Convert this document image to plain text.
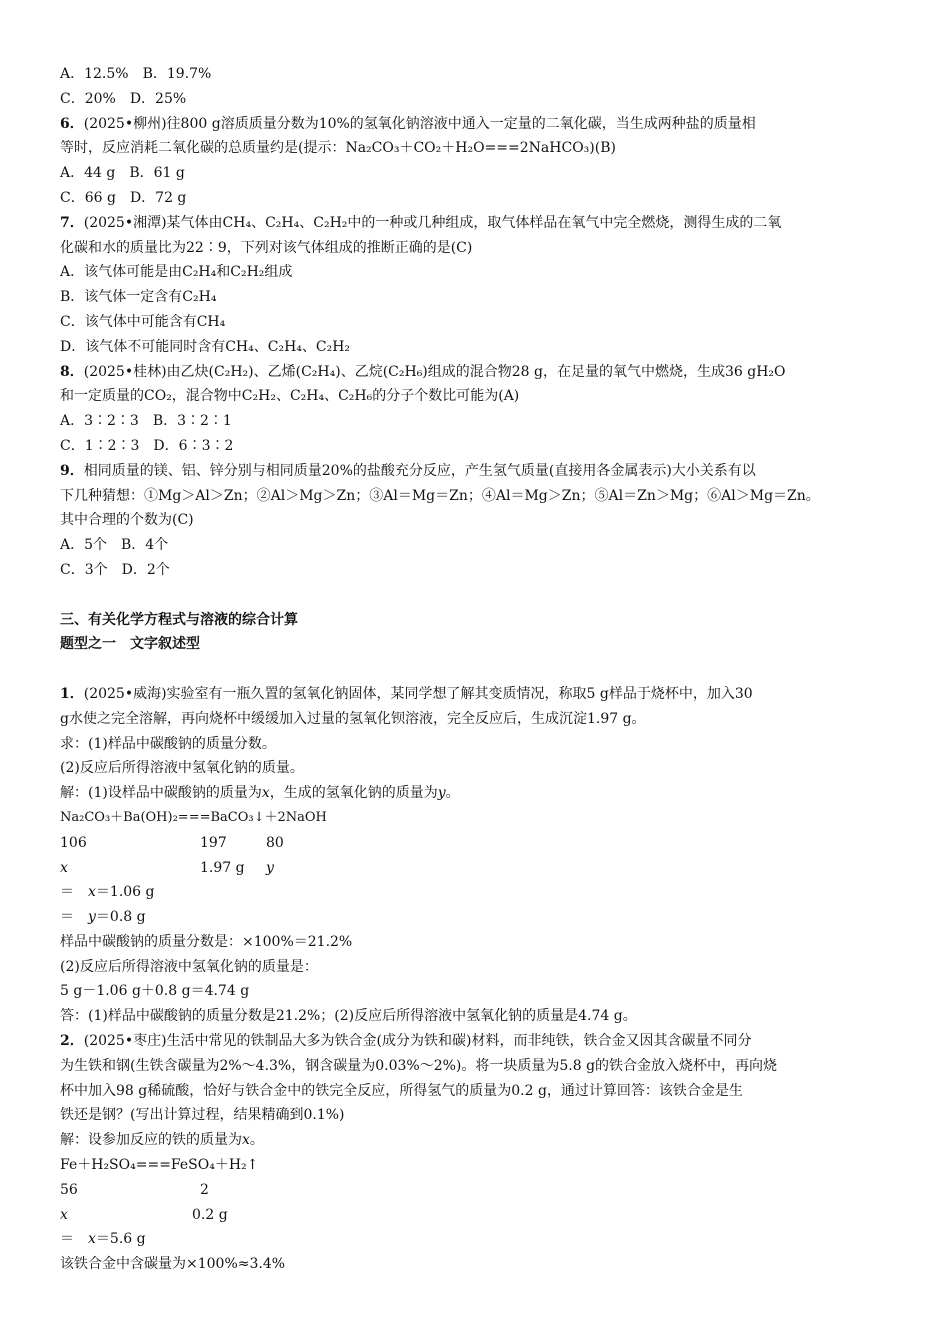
A．12.5%　B．19.7%
C．20%　D．25%
6．(2025•柳州)往800 g溶质质量分数为10%的氢氧化钠溶液中通入一定量的二氧化碳，当生成两种盐的质量相
等时，反应消耗二氧化碳的总质量约是(提示：Na₂CO₃＋CO₂＋H₂O===2NaHCO₃)(B)
A．44 g　B．61 g
C．66 g　D．72 g
7．(2025•湘潭)某气体由CH₄、C₂H₄、C₂H₂中的一种或几种组成，取气体样品在氧气中完全燃烧，测得生成的二氧
化碳和水的质量比为22∶9，下列对该气体组成的推断正确的是(C)
A．该气体可能是由C₂H₄和C₂H₂组成
B．该气体一定含有C₂H₄
C．该气体中可能含有CH₄
D．该气体不可能同时含有CH₄、C₂H₄、C₂H₂
8．(2025•桂林)由乙炔(C₂H₂)、乙烯(C₂H₄)、乙烷(C₂H₆)组成的混合物28 g，在足量的氧气中燃烧，生成36 gH₂O
和一定质量的CO₂，混合物中C₂H₂、C₂H₄、C₂H₆的分子个数比可能为(A)
A．3∶2∶3　B．3∶2∶1
C．1∶2∶3　D．6∶3∶2
9．相同质量的镁、铝、锌分别与相同质量20%的盐酸充分反应，产生氢气质量(直接用各金属表示)大小关系有以
下几种猜想：①Mg＞Al＞Zn；②Al＞Mg＞Zn；③Al＝Mg＝Zn；④Al＝Mg＞Zn；⑤Al＝Zn＞Mg；⑥Al＞Mg＝Zn。
其中合理的个数为(C)
A．5个　B．4个
C．3个　D．2个
三、有关化学方程式与溶液的综合计算
题型之一　文字叙述型

1．(2025•威海)实验室有一瓶久置的氢氧化钠固体，某同学想了解其变质情况，称取5 g样品于烧杯中，加入30
g水使之完全溶解，再向烧杯中缓缓加入过量的氢氧化钡溶液，完全反应后，生成沉淀1.97 g。
求：(1)样品中碳酸钠的质量分数。
(2)反应后所得溶液中氢氧化钠的质量。
解：(1)设样品中碳酸钠的质量为x，生成的氢氧化钠的质量为y。
Na₂CO₃＋Ba(OH)₂===BaCO₃↓＋2NaOH
106	197	80
x	1.97 g	y
＝　x＝1.06 g
＝　y＝0.8 g
样品中碳酸钠的质量分数是：×100%＝21.2%
(2)反应后所得溶液中氢氧化钠的质量是：
5 g－1.06 g＋0.8 g＝4.74 g
答：(1)样品中碳酸钠的质量分数是21.2%；(2)反应后所得溶液中氢氧化钠的质量是4.74 g。
2．(2025•枣庄)生活中常见的铁制品大多为铁合金(成分为铁和碳)材料，而非纯铁，铁合金又因其含碳量不同分
为生铁和钢(生铁含碳量为2%～4.3%，钢含碳量为0.03%～2%)。将一块质量为5.8 g的铁合金放入烧杯中，再向烧
杯中加入98 g稀硫酸，恰好与铁合金中的铁完全反应，所得氢气的质量为0.2 g，通过计算回答：该铁合金是生
铁还是钢？(写出计算过程，结果精确到0.1%)
解：设参加反应的铁的质量为x。
Fe＋H₂SO₄===FeSO₄＋H₂↑
56	2
x	0.2 g
＝　x＝5.6 g
该铁合金中含碳量为×100%≈3.4%
